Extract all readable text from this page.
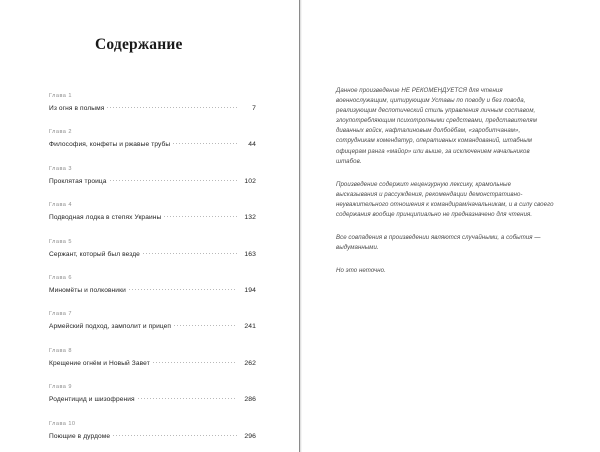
Содержание
Глава 1
Из огня в полымя	7
Глава 2
Философия, конфеты и ржавые трубы	44
Глава 3
Проклятая троица	102
Глава 4
Подводная лодка в степях Украины	132
Глава 5
Сержант, который был везде	163
Глава 6
Миномёты и полковники	194
Глава 7
Армейский подход, замполит и прицеп	241
Глава 8
Крещение огнём и Новый Завет	262
Глава 9
Родентицид и шизофрения	286
Глава 10
Поющие в дурдоме	296

Данное произведение НЕ РЕКОМЕНДУЕТСЯ для чтения военнослужащим, цитирующим Уставы по поводу и без повода, реализующим деспотический стиль управления личным составом, злоупотребляющим психотропными средствами, представителям диванных войск, нафталиновым долбоёбам, «заробитчанам», сотрудникам комендатур, оперативных командований, штабным офицерам ранга «майор» или выше, за исключением начальников штабов.

Произведение содержит нецензурную лексику, крамольные высказывания и рассуждения, рекомендации демонстративно-неуважительного отношения к командирам/начальникам, и в силу своего содержания вообще принципиально не предназначено для чтения.

Все совпадения в произведении являются случайными, а события — выдуманными.

Но это неточно.
